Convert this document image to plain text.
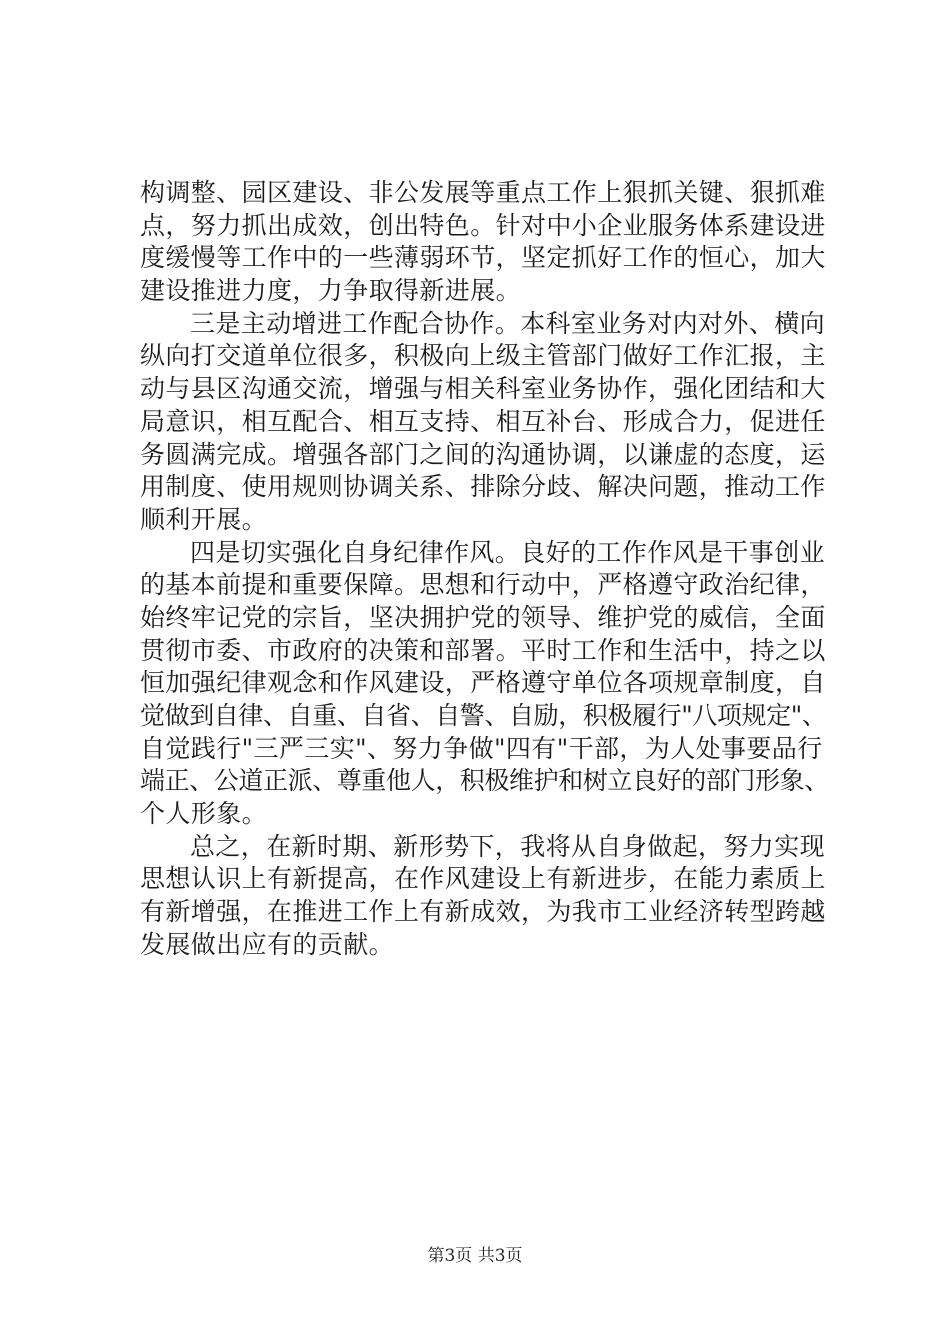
构调整、园区建设、非公发展等重点工作上狠抓关键、狠抓难
点，努力抓出成效，创出特色。针对中小企业服务体系建设进
度缓慢等工作中的一些薄弱环节，坚定抓好工作的恒心，加大
建设推进力度，力争取得新进展。
三是主动增进工作配合协作。本科室业务对内对外、横向
纵向打交道单位很多，积极向上级主管部门做好工作汇报，主
动与县区沟通交流，增强与相关科室业务协作，强化团结和大
局意识，相互配合、相互支持、相互补台、形成合力，促进任
务圆满完成。增强各部门之间的沟通协调，以谦虚的态度，运
用制度、使用规则协调关系、排除分歧、解决问题，推动工作
顺利开展。
四是切实强化自身纪律作风。良好的工作作风是干事创业
的基本前提和重要保障。思想和行动中，严格遵守政治纪律，
始终牢记党的宗旨，坚决拥护党的领导、维护党的威信，全面
贯彻市委、市政府的决策和部署。平时工作和生活中，持之以
恒加强纪律观念和作风建设，严格遵守单位各项规章制度，自
觉做到自律、自重、自省、自警、自励，积极履行"八项规定"、
自觉践行"三严三实"、努力争做"四有"干部，为人处事要品行
端正、公道正派、尊重他人，积极维护和树立良好的部门形象、
个人形象。
总之，在新时期、新形势下，我将从自身做起，努力实现
思想认识上有新提高，在作风建设上有新进步，在能力素质上
有新增强，在推进工作上有新成效，为我市工业经济转型跨越
发展做出应有的贡献。
第3页 共3页
